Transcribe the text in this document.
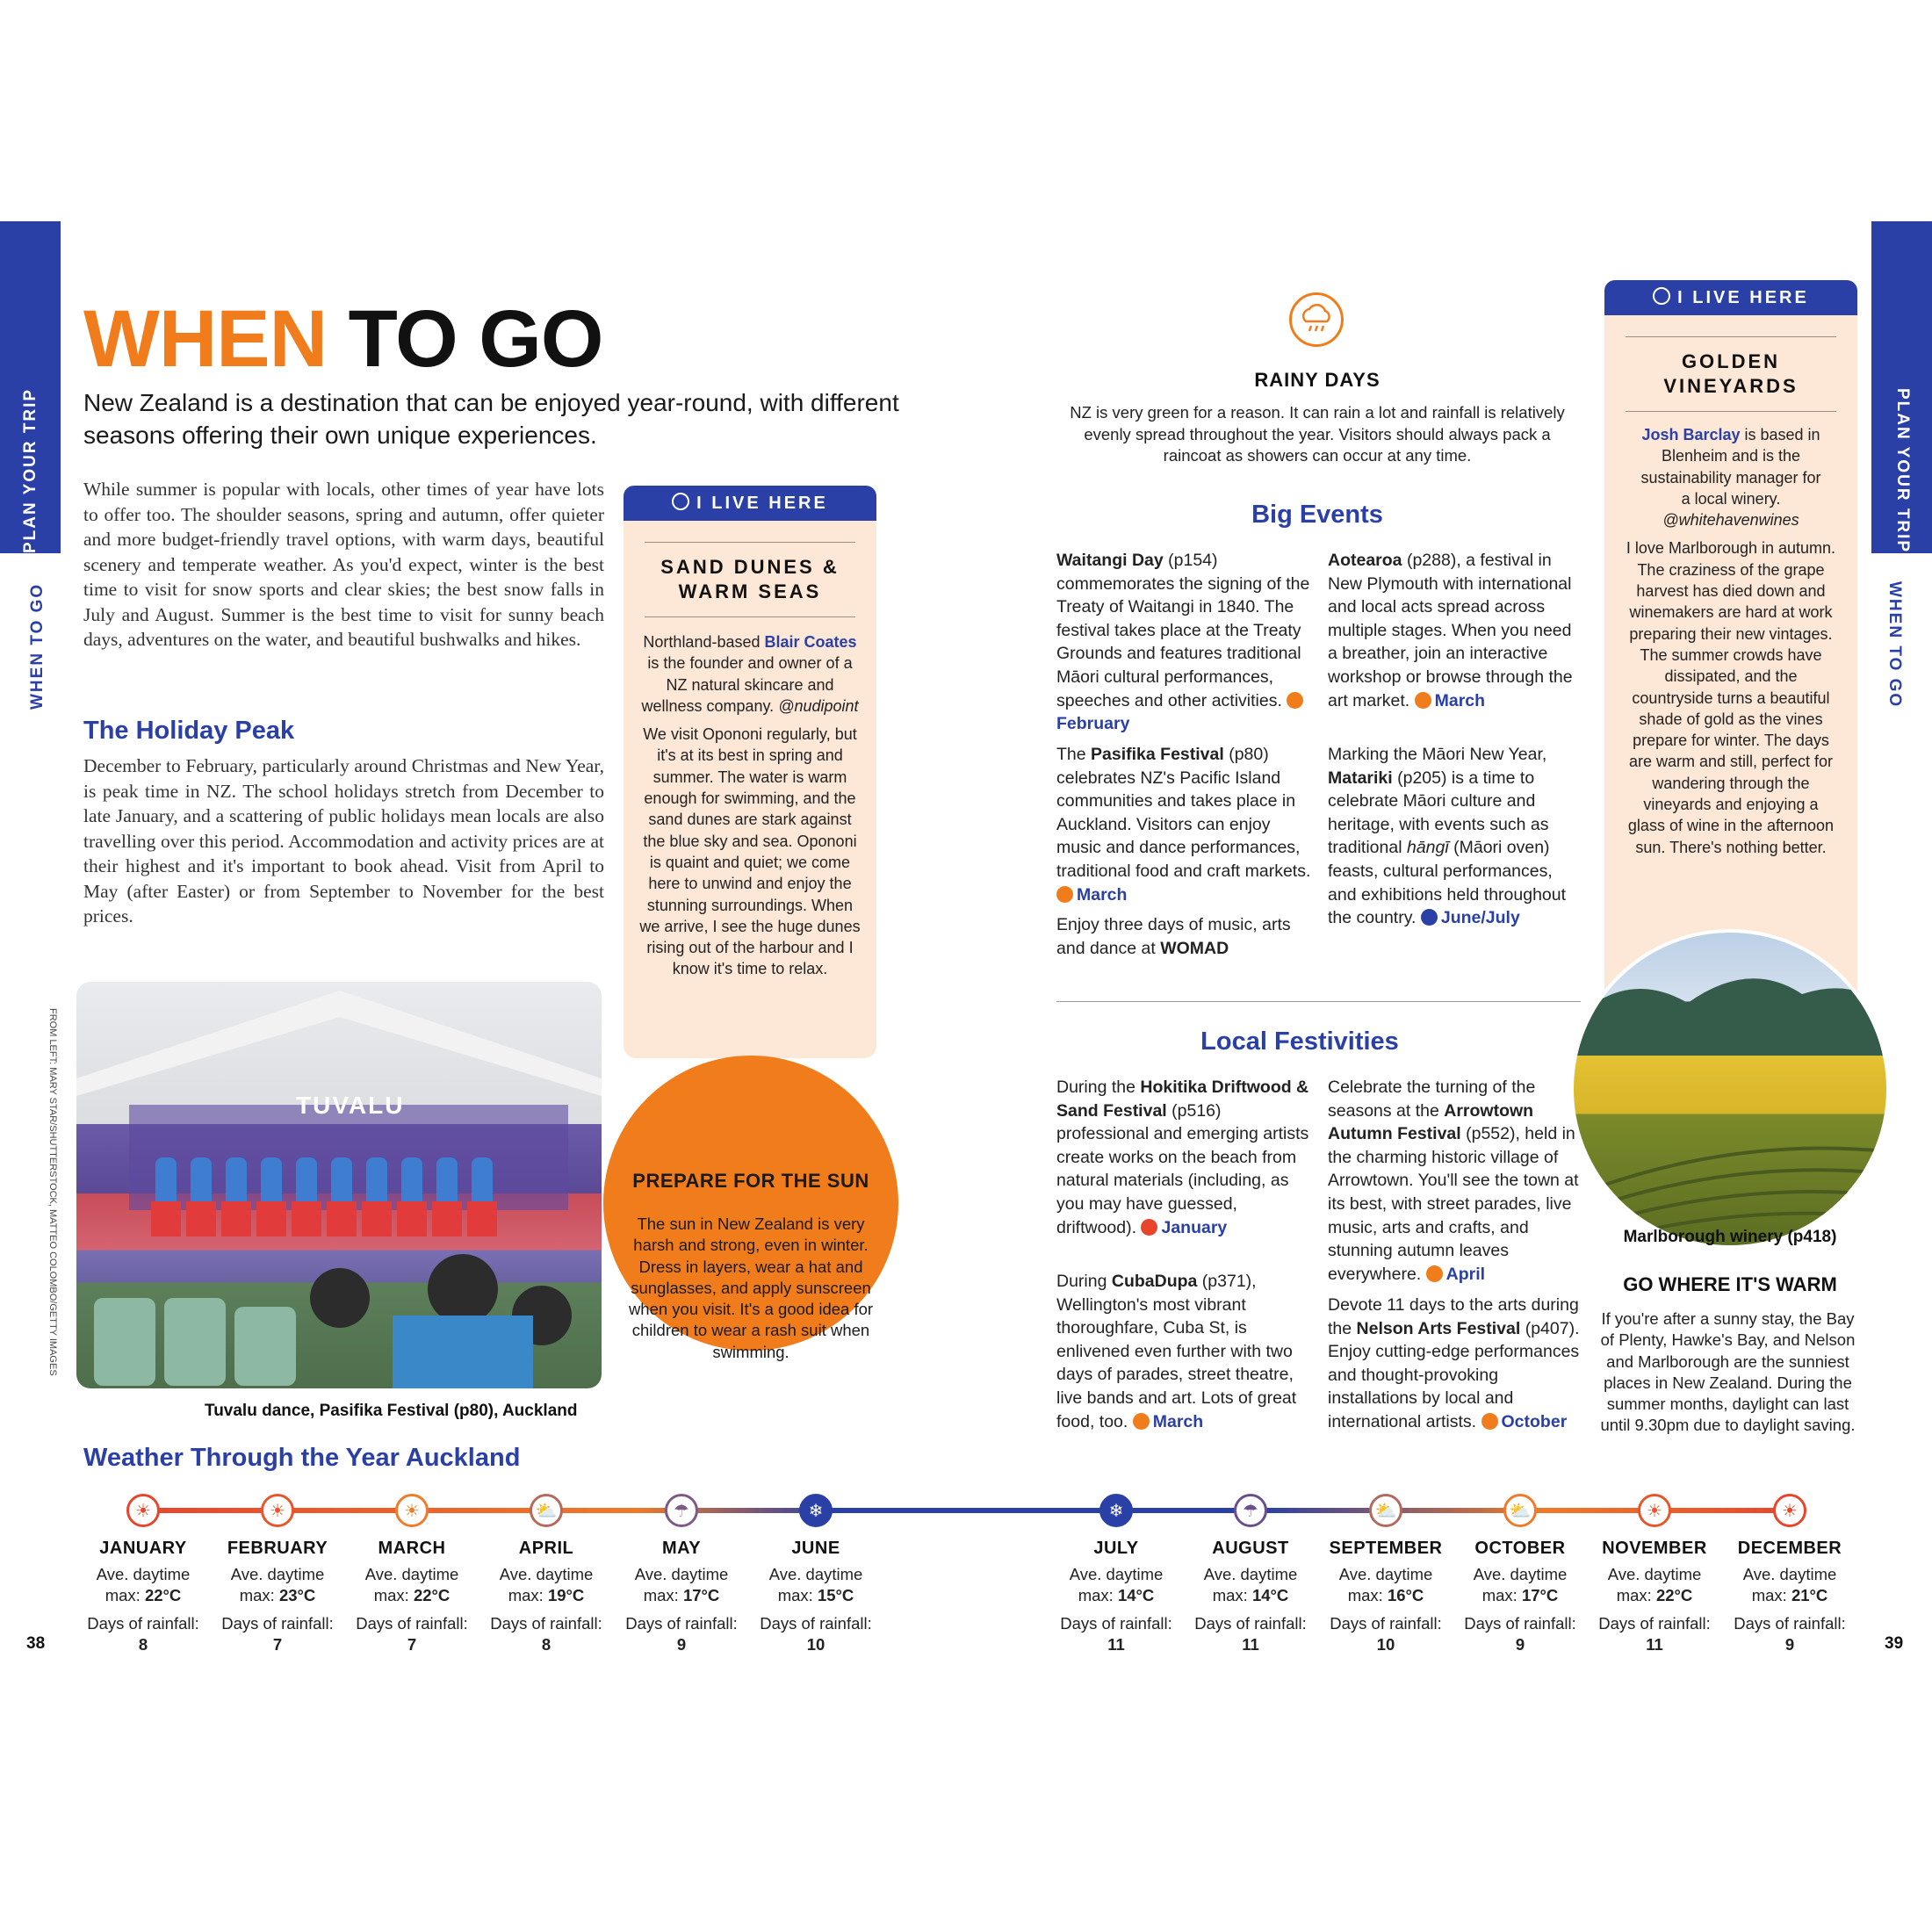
PLAN YOUR TRIP
WHEN TO GO
PLAN YOUR TRIP
WHEN TO GO
WHEN TO GO
New Zealand is a destination that can be enjoyed year-round, with different seasons offering their own unique experiences.
While summer is popular with locals, other times of year have lots to offer too. The shoulder seasons, spring and autumn, offer quieter and more budget-friendly travel options, with warm days, beautiful scenery and temperate weather. As you'd expect, winter is the best time to visit for snow sports and clear skies; the best snow falls in July and August. Summer is the best time to visit for sunny beach days, adventures on the water, and beautiful bushwalks and hikes.
The Holiday Peak
December to February, particularly around Christmas and New Year, is peak time in NZ. The school holidays stretch from December to late January, and a scattering of public holidays mean locals are also travelling over this period. Accommodation and activity prices are at their highest and it's important to book ahead. Visit from April to May (after Easter) or from September to November for the best prices.
I LIVE HERE
SAND DUNES & WARM SEAS
Northland-based Blair Coates is the founder and owner of a NZ natural skincare and wellness company. @nudipoint
We visit Opononi regularly, but it's at its best in spring and summer. The water is warm enough for swimming, and the sand dunes are stark against the blue sky and sea. Opononi is quaint and quiet; we come here to unwind and enjoy the stunning surroundings. When we arrive, I see the huge dunes rising out of the harbour and I know it's time to relax.
TUVALU
FROM LEFT: MARY STAR/SHUTTERSTOCK, MATTEO COLOMBO/GETTY IMAGES
Tuvalu dance, Pasifika Festival (p80), Auckland
PREPARE FOR THE SUN
The sun in New Zealand is very harsh and strong, even in winter. Dress in layers, wear a hat and sunglasses, and apply sunscreen when you visit. It's a good idea for children to wear a rash suit when swimming.
RAINY DAYS
NZ is very green for a reason. It can rain a lot and rainfall is relatively evenly spread throughout the year. Visitors should always pack a raincoat as showers can occur at any time.
Big Events
Waitangi Day (p154) commemorates the signing of the Treaty of Waitangi in 1840. The festival takes place at the Treaty Grounds and features traditional Māori cultural performances, speeches and other activities. February
The Pasifika Festival (p80) celebrates NZ's Pacific Island communities and takes place in Auckland. Visitors can enjoy music and dance performances, traditional food and craft markets. March
Enjoy three days of music, arts and dance at WOMAD
Aotearoa (p288), a festival in New Plymouth with international and local acts spread across multiple stages. When you need a breather, join an interactive workshop or browse through the art market. March
Marking the Māori New Year, Matariki (p205) is a time to celebrate Māori culture and heritage, with events such as traditional hāngī (Māori oven) feasts, cultural performances, and exhibitions held throughout the country. June/July
Local Festivities
During the Hokitika Driftwood & Sand Festival (p516) professional and emerging artists create works on the beach from natural materials (including, as you may have guessed, driftwood). January
During CubaDupa (p371), Wellington's most vibrant thoroughfare, Cuba St, is enlivened even further with two days of parades, street theatre, live bands and art. Lots of great food, too. March
Celebrate the turning of the seasons at the Arrowtown Autumn Festival (p552), held in the charming historic village of Arrowtown. You'll see the town at its best, with street parades, live music, arts and crafts, and stunning autumn leaves everywhere. April
Devote 11 days to the arts during the Nelson Arts Festival (p407). Enjoy cutting-edge performances and thought-provoking installations by local and international artists. October
I LIVE HERE
GOLDEN VINEYARDS
Josh Barclay is based in Blenheim and is the sustainability manager for a local winery.
@whitehavenwines
I love Marlborough in autumn. The craziness of the grape harvest has died down and winemakers are hard at work preparing their new vintages. The summer crowds have dissipated, and the countryside turns a beautiful shade of gold as the vines prepare for winter. The days are warm and still, perfect for wandering through the vineyards and enjoying a glass of wine in the afternoon sun. There's nothing better.
Marlborough winery (p418)
GO WHERE IT'S WARM
If you're after a sunny stay, the Bay of Plenty, Hawke's Bay, and Nelson and Marlborough are the sunniest places in New Zealand. During the summer months, daylight can last until 9.30pm due to daylight saving.
Weather Through the Year Auckland
☀
JANUARY
Ave. daytime
max: 22°C
Days of rainfall:
8
☀
FEBRUARY
Ave. daytime
max: 23°C
Days of rainfall:
7
☀
MARCH
Ave. daytime
max: 22°C
Days of rainfall:
7
⛅
APRIL
Ave. daytime
max: 19°C
Days of rainfall:
8
☂
MAY
Ave. daytime
max: 17°C
Days of rainfall:
9
❄
JUNE
Ave. daytime
max: 15°C
Days of rainfall:
10
❄
JULY
Ave. daytime
max: 14°C
Days of rainfall:
11
☂
AUGUST
Ave. daytime
max: 14°C
Days of rainfall:
11
⛅
SEPTEMBER
Ave. daytime
max: 16°C
Days of rainfall:
10
⛅
OCTOBER
Ave. daytime
max: 17°C
Days of rainfall:
9
☀
NOVEMBER
Ave. daytime
max: 22°C
Days of rainfall:
11
☀
DECEMBER
Ave. daytime
max: 21°C
Days of rainfall:
9
38	39
